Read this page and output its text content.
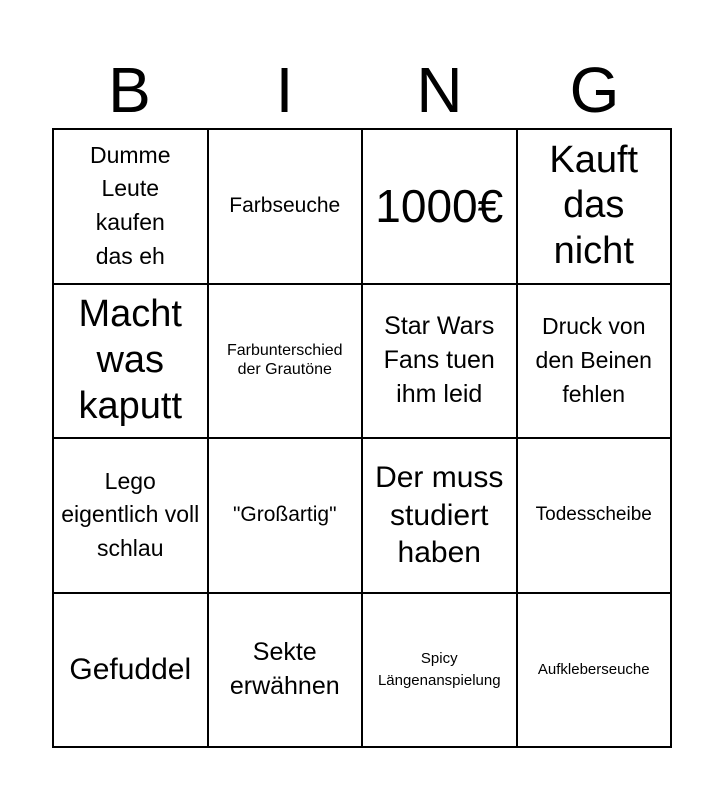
B	I	N	G
Dumme Leute kaufen das eh
Farbseuche 1000€
Kauft das nicht
Macht was kaputt
Farbunterschied der Grautöne
Star Wars Fans tuen ihm leid
Druck von den Beinen fehlen
Lego eigentlich voll schlau
"Großartig"
Der muss studiert haben
Todesscheibe
Gefuddel
Sekte erwähnen
Spicy Längenanspielung
Aufkleberseuche
